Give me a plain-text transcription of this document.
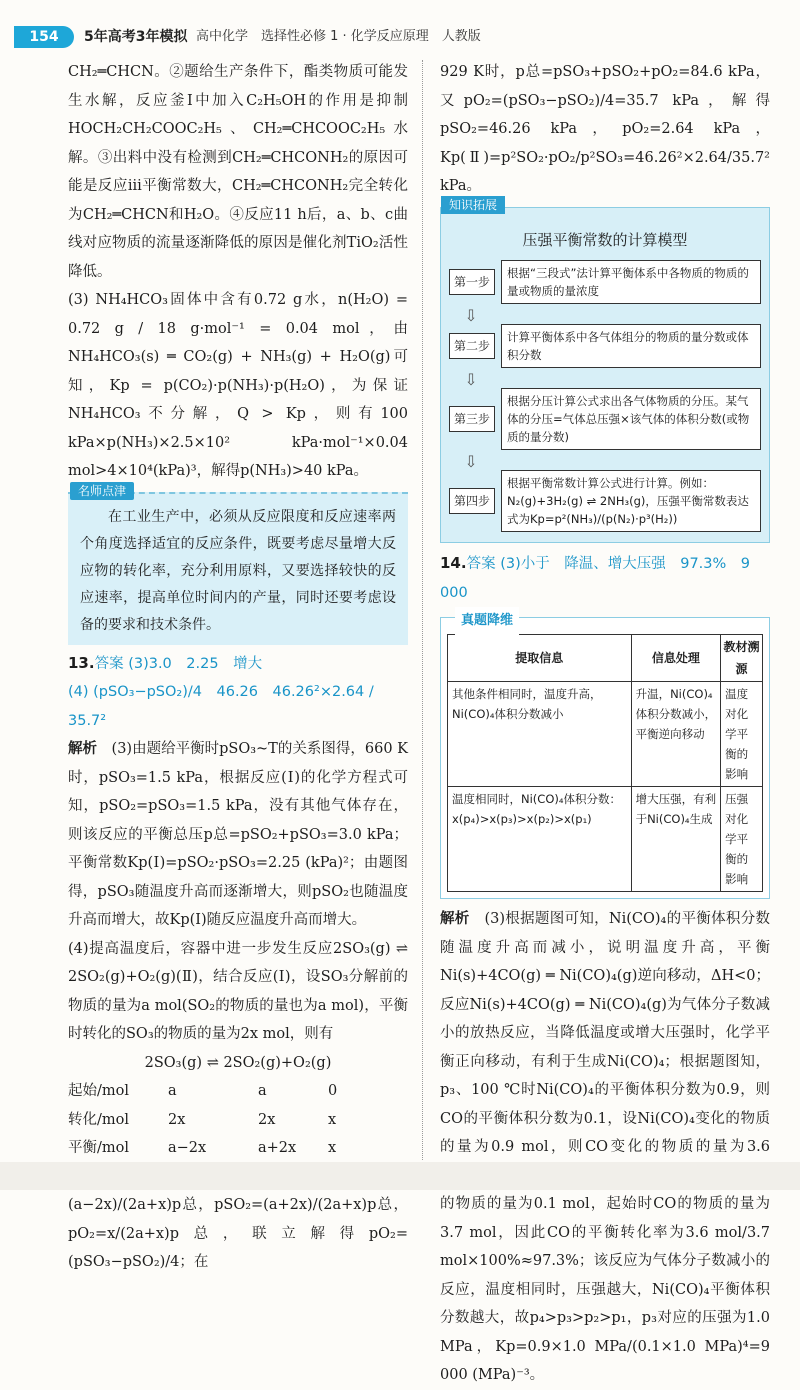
154	5年高考3年模拟 高中化学　选择性必修 1 · 化学反应原理　人教版

CH₂═CHCN。②题给生产条件下，酯类物质可能发生水解，反应釜Ⅰ中加入C₂H₅OH的作用是抑制HOCH₂CH₂COOC₂H₅、CH₂═CHCOOC₂H₅水解。③出料中没有检测到CH₂═CHCONH₂的原因可能是反应ⅲ平衡常数大，CH₂═CHCONH₂完全转化为CH₂═CHCN和H₂O。④反应11 h后，a、b、c曲线对应物质的流量逐渐降低的原因是催化剂TiO₂活性降低。

(3) NH₄HCO₃固体中含有0.72 g水，n(H₂O) = 0.72 g / 18 g·mol⁻¹ = 0.04 mol，由NH₄HCO₃(s) ═ CO₂(g) + NH₃(g) + H₂O(g)可知，Kp = p(CO₂)·p(NH₃)·p(H₂O)，为保证NH₄HCO₃不分解，Q > Kp，则有100 kPa×p(NH₃)×2.5×10² kPa·mol⁻¹×0.04 mol>4×10⁴(kPa)³，解得p(NH₃)>40 kPa。

名师点津

在工业生产中，必须从反应限度和反应速率两个角度选择适宜的反应条件，既要考虑尽量增大反应物的转化率，充分利用原料，又要选择较快的反应速率，提高单位时间内的产量，同时还要考虑设备的要求和技术条件。

13.答案 (3)3.0　2.25　增大
(4) (pSO₃−pSO₂)/4　46.26　46.26²×2.64 / 35.7²

解析　 (3)由题给平衡时pSO₃~T的关系图得，660 K时，pSO₃=1.5 kPa，根据反应(Ⅰ)的化学方程式可知，pSO₂=pSO₃=1.5 kPa，没有其他气体存在，则该反应的平衡总压p总=pSO₂+pSO₃=3.0 kPa；平衡常数Kp(Ⅰ)=pSO₂·pSO₃=2.25 (kPa)²；由题图得，pSO₃随温度升高而逐渐增大，则pSO₂也随温度升高而增大，故Kp(Ⅰ)随反应温度升高而增大。

(4)提高温度后，容器中进一步发生反应2SO₃(g) ⇌ 2SO₂(g)+O₂(g)(Ⅱ)，结合反应(Ⅰ)，设SO₃分解前的物质的量为a mol(SO₂的物质的量也为a mol)，平衡时转化的SO₃的物质的量为2x mol，则有

2SO₃(g) ⇌ 2SO₂(g)+O₂(g)
起始/mol	a	a	0
转化/mol	2x	2x	x
平衡/mol	a−2x	a+2x	x

(a−2x)/(2a+x)p总，pSO₂=(a+2x)/(2a+x)p总，pO₂=x/(2a+x)p总，联立解得pO₂=(pSO₃−pSO₂)/4；在

929 K时，p总=pSO₃+pSO₂+pO₂=84.6 kPa，又pO₂=(pSO₃−pSO₂)/4=35.7 kPa，解得pSO₂=46.26 kPa，pO₂=2.64 kPa，Kp(Ⅱ)=p²SO₂·pO₂/p²SO₃=46.26²×2.64/35.7² kPa。

知识拓展
压强平衡常数的计算模型
第一步
根据“三段式”法计算平衡体系中各物质的物质的量或物质的量浓度
⇩
第二步
计算平衡体系中各气体组分的物质的量分数或体积分数
⇩
第三步
根据分压计算公式求出各气体物质的分压。某气体的分压=气体总压强×该气体的体积分数(或物质的量分数)
⇩
第四步
根据平衡常数计算公式进行计算。例如：N₂(g)+3H₂(g) ⇌ 2NH₃(g)，压强平衡常数表达式为Kp=p²(NH₃)/(p(N₂)·p³(H₂))
14.答案 (3)小于　降温、增大压强　97.3%　9 000
真题降维
提取信息	信息处理	教材溯源
其他条件相同时，温度升高，Ni(CO)₄体积分数减小	升温，Ni(CO)₄体积分数减小，平衡逆向移动	温度对化学平衡的影响
温度相同时，Ni(CO)₄体积分数：x(p₄)>x(p₃)>x(p₂)>x(p₁)	增大压强，有利于Ni(CO)₄生成	压强对化学平衡的影响

解析　 (3)根据题图可知，Ni(CO)₄的平衡体积分数随温度升高而减小，说明温度升高，平衡Ni(s)+4CO(g) ═ Ni(CO)₄(g)逆向移动，ΔH<0；反应Ni(s)+4CO(g) ═ Ni(CO)₄(g)为气体分子数减小的放热反应，当降低温度或增大压强时，化学平衡正向移动，有利于生成Ni(CO)₄；根据题图知，p₃、100 ℃时Ni(CO)₄的平衡体积分数为0.9，则CO的平衡体积分数为0.1，设Ni(CO)₄变化的物质的量为0.9 mol，则CO变化的物质的量为3.6 的物质的量为0.1 mol，起始时CO的物质的量为3.7 mol，因此CO的平衡转化率为3.6 mol/3.7 mol×100%≈97.3%；该反应为气体分子数减小的反应，温度相同时，压强越大，Ni(CO)₄平衡体积分数越大，故p₄>p₃>p₂>p₁，p₃对应的压强为1.0 MPa，Kp=0.9×1.0 MPa/(0.1×1.0 MPa)⁴=9 000 (MPa)⁻³。
